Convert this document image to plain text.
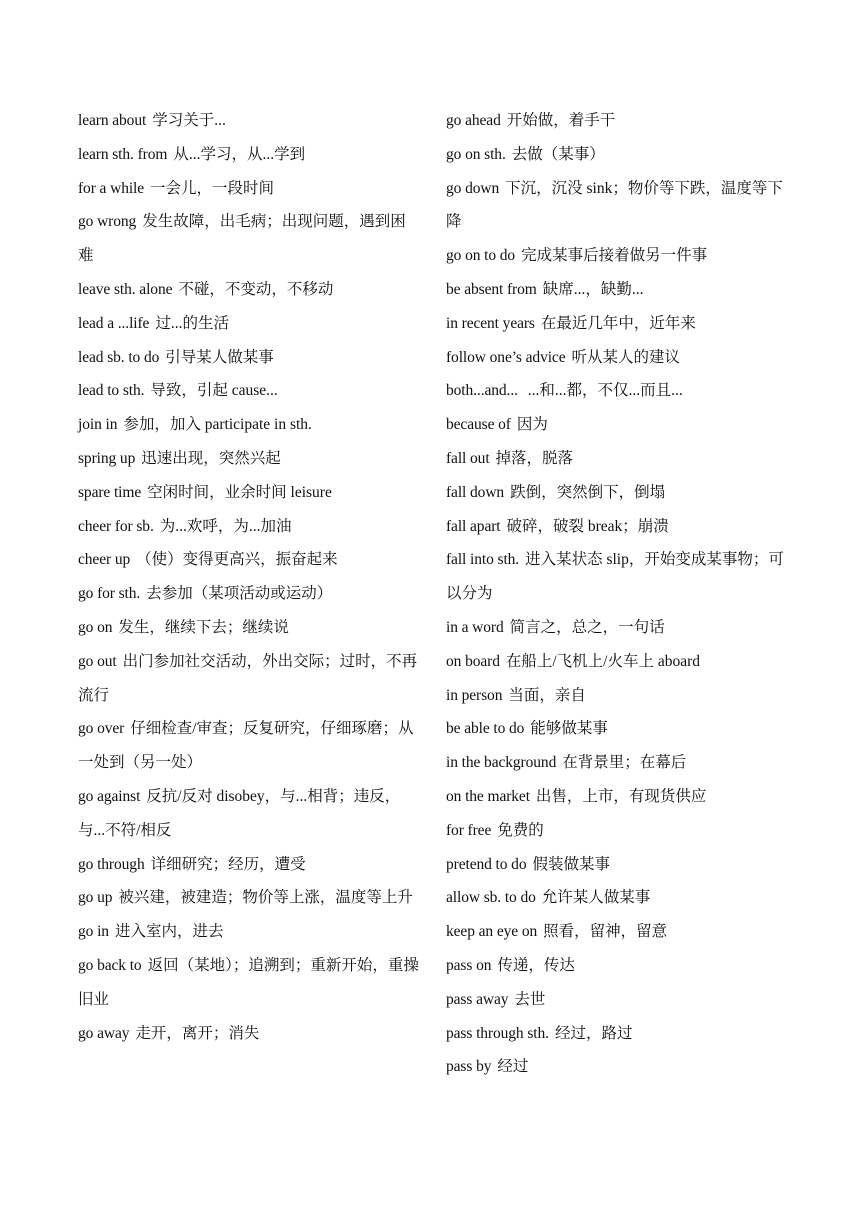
learn about 学习关于...
learn sth. from 从...学习，从...学到
for a while 一会儿，一段时间
go wrong 发生故障，出毛病；出现问题，遇到困难
leave sth. alone 不碰，不变动，不移动
lead a ...life 过...的生活
lead sb. to do 引导某人做某事
lead to sth. 导致，引起 cause...
join in 参加，加入 participate in sth.
spring up 迅速出现，突然兴起
spare time 空闲时间，业余时间 leisure
cheer for sb. 为...欢呼，为...加油
cheer up （使）变得更高兴，振奋起来
go for sth. 去参加（某项活动或运动）
go on 发生，继续下去；继续说
go out 出门参加社交活动，外出交际；过时，不再流行
go over 仔细检查/审查；反复研究，仔细琢磨；从一处到（另一处）
go against 反抗/反对 disobey，与...相背；违反，与...不符/相反
go through 详细研究；经历，遭受
go up 被兴建，被建造；物价等上涨，温度等上升
go in 进入室内，进去
go back to 返回（某地）；追溯到；重新开始，重操旧业
go away 走开，离开；消失
go ahead 开始做，着手干
go on sth. 去做（某事）
go down 下沉，沉没 sink；物价等下跌，温度等下降
go on to do 完成某事后接着做另一件事
be absent from 缺席...，缺勤...
in recent years 在最近几年中，近年来
follow one’s advice 听从某人的建议
both...and... ...和...都，不仅...而且...
because of 因为
fall out 掉落，脱落
fall down 跌倒，突然倒下，倒塌
fall apart 破碎，破裂 break；崩溃
fall into sth. 进入某状态 slip，开始变成某事物；可以分为
in a word 简言之，总之，一句话
on board 在船上/飞机上/火车上 aboard
in person 当面，亲自
be able to do 能够做某事
in the background 在背景里；在幕后
on the market 出售，上市，有现货供应
for free 免费的
pretend to do 假装做某事
allow sb. to do 允许某人做某事
keep an eye on 照看，留神，留意
pass on 传递，传达
pass away 去世
pass through sth. 经过，路过
pass by 经过
